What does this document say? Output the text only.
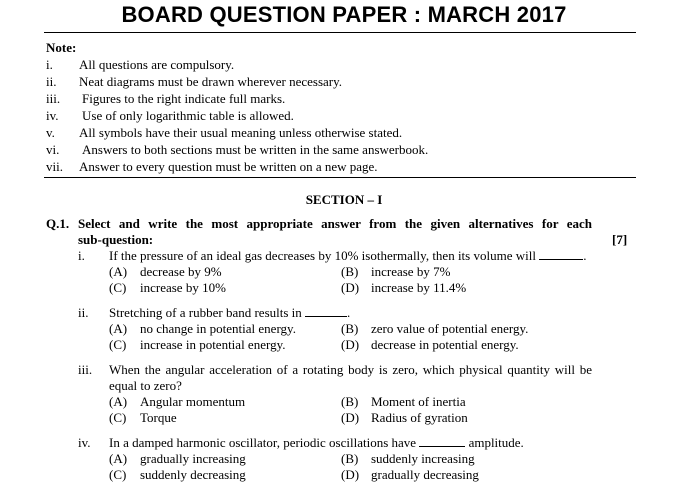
BOARD QUESTION PAPER : MARCH 2017
Note:
i. All questions are compulsory.
ii. Neat diagrams must be drawn wherever necessary.
iii. Figures to the right indicate full marks.
iv. Use of only logarithmic table is allowed.
v. All symbols have their usual meaning unless otherwise stated.
vi. Answers to both sections must be written in the same answerbook.
vii. Answer to every question must be written on a new page.
SECTION – I
Q.1. Select and write the most appropriate answer from the given alternatives for each
sub-question:	[7]
i. If the pressure of an ideal gas decreases by 10% isothermally, then its volume will	.
(A) decrease by 9%	(B) increase by 7%
(C) increase by 10%	(D) increase by 11.4%
ii. Stretching of a rubber band results in	.
(A) no change in potential energy.	(B) zero value of potential energy.
(C) increase in potential energy.	(D) decrease in potential energy.
iii. When the angular acceleration of a rotating body is zero, which physical quantity will be
equal to zero?
(A) Angular momentum	(B) Moment of inertia
(C) Torque	(D) Radius of gyration
iv. In a damped harmonic oscillator, periodic oscillations have	amplitude.
(A) gradually increasing	(B) suddenly increasing
(C) suddenly decreasing	(D) gradually decreasing
